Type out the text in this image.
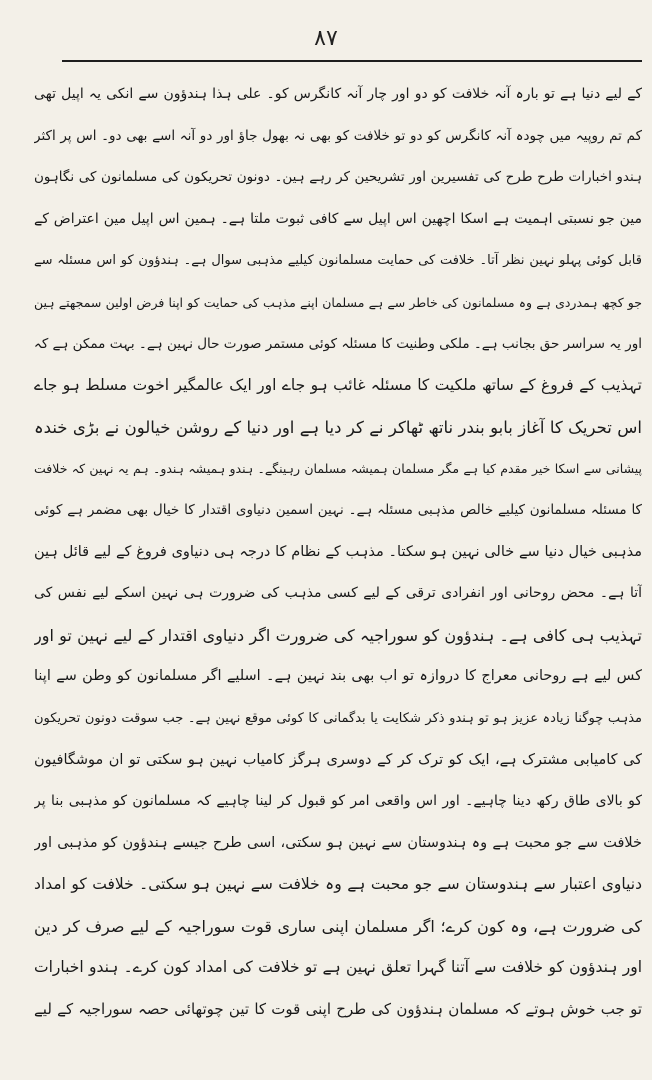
۸۷
کے لیے دنیا ہے تو بارہ آنہ خلافت کو دو اور چار آنہ کانگرس کو۔ علی ہذا ہندؤون سے انکی یہ اپیل تھی
کم تم روپیہ میں چودہ آنہ کانگرس کو دو تو خلافت کو بھی نہ بھول جاؤ اور دو آنہ اسے بھی دو۔ اس پر اکثر
ہندو اخبارات طرح طرح کی تفسیرین اور تشریحین کر رہے ہین۔ دونون تحریکون کی مسلمانون کی نگاہون
مین جو نسبتی اہمیت ہے اسکا اچھین اس اپیل سے کافی ثبوت ملتا ہے۔ ہمین اس اپیل مین اعتراض کے
قابل کوئی پہلو نہین نظر آتا۔ خلافت کی حمایت مسلمانون کیلیے مذہبی سوال ہے۔ ہندؤون کو اس مسئلہ سے
جو کچھ ہمدردی ہے وہ مسلمانون کی خاطر سے ہے مسلمان اپنے مذہب کی حمایت کو اپنا فرض اولین سمجھتے ہین
اور یہ سراسر حق بجانب ہے۔ ملکی وطنیت کا مسئلہ کوئی مستمر صورت حال نہین ہے۔ بہت ممکن ہے کہ
تہذیب کے فروغ کے ساتھ ملکیت کا مسئلہ غائب ہو جاے اور ایک عالمگیر اخوت مسلط ہو جاے
اس تحریک کا آغاز بابو بندر ناتھ ٹھاکر نے کر دیا ہے اور دنیا کے روشن خیالون نے بڑی خندہ
پیشانی سے اسکا خیر مقدم کیا ہے مگر مسلمان ہمیشہ مسلمان رہینگے۔ ہندو ہمیشہ ہندو۔ ہم یہ نہین کہ خلافت
کا مسئلہ مسلمانون کیلیے خالص مذہبی مسئلہ ہے۔ نہین اسمین دنیاوی اقتدار کا خیال بھی مضمر ہے کوئی
مذہبی خیال دنیا سے خالی نہین ہو سکتا۔ مذہب کے نظام کا درجہ ہی دنیاوی فروغ کے لیے قائل ہین
آتا ہے۔ محض روحانی اور انفرادی ترقی کے لیے کسی مذہب کی ضرورت ہی نہین اسکے لیے نفس کی
تہذیب ہی کافی ہے۔ ہندؤون کو سوراجیہ کی ضرورت اگر دنیاوی اقتدار کے لیے نہین تو اور
کس لیے ہے روحانی معراج کا دروازہ تو اب بھی بند نہین ہے۔ اسلیے اگر مسلمانون کو وطن سے اپنا
مذہب چوگنا زیادہ عزیز ہو تو ہندو ذکر شکایت یا بدگمانی کا کوئی موقع نہین ہے۔ جب سوقت دونون تحریکون
کی کامیابی مشترک ہے، ایک کو ترک کر کے دوسری ہرگز کامیاب نہین ہو سکتی تو ان موشگافیون
کو بالای طاق رکھ دینا چاہیے۔ اور اس واقعی امر کو قبول کر لینا چاہیے کہ مسلمانون کو مذہبی بنا پر
خلافت سے جو محبت ہے وہ ہندوستان سے نہین ہو سکتی، اسی طرح جیسے ہندؤون کو مذہبی اور
دنیاوی اعتبار سے ہندوستان سے جو محبت ہے وہ خلافت سے نہین ہو سکتی۔ خلافت کو امداد
کی ضرورت ہے، وہ کون کرے؛ اگر مسلمان اپنی ساری قوت سوراجیہ کے لیے صرف کر دین
اور ہندؤون کو خلافت سے آتنا گہرا تعلق نہین ہے تو خلافت کی امداد کون کرے۔ ہندو اخبارات
تو جب خوش ہوتے کہ مسلمان ہندؤون کی طرح اپنی قوت کا تین چوتھائی حصہ سوراجیہ کے لیے
